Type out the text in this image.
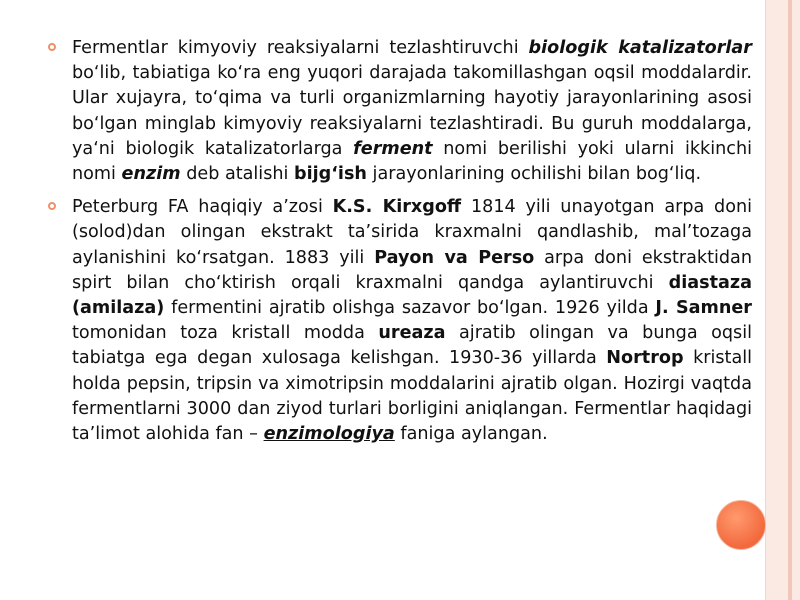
Fermentlar kimyoviy reaksiyalarni tezlashtiruvchi biologik katalizatorlar bo‘lib, tabiatiga ko‘ra eng yuqori darajada takomillashgan oqsil moddalardir. Ular xujayra, to‘qima va turli organizmlarning hayotiy jarayonlarining asosi bo‘lgan minglab kimyoviy reaksiyalarni tezlashtiradi. Bu guruh moddalarga, ya‘ni biologik katalizatorlarga ferment nomi berilishi yoki ularni ikkinchi nomi enzim deb atalishi bijg‘ish jarayonlarining ochilishi bilan bog‘liq.
Peterburg FA haqiqiy a’zosi K.S. Kirxgoff 1814 yili unayotgan arpa doni (solod)dan olingan ekstrakt ta’sirida kraxmalni qandlashib, mal’tozaga aylanishini ko‘rsatgan. 1883 yili Payon va Perso arpa doni ekstraktidan spirt bilan cho‘ktirish orqali kraxmalni qandga aylantiruvchi diastaza (amilaza) fermentini ajratib olishga sazavor bo‘lgan. 1926 yilda J. Samner tomonidan toza kristall modda ureaza ajratib olingan va bunga oqsil tabiatga ega degan xulosaga kelishgan. 1930-36 yillarda Nortrop kristall holda pepsin, tripsin va ximotripsin moddalarini ajratib olgan. Hozirgi vaqtda fermentlarni 3000 dan ziyod turlari borligini aniqlangan. Fermentlar haqidagi ta’limot alohida fan – enzimologiya faniga aylangan.
